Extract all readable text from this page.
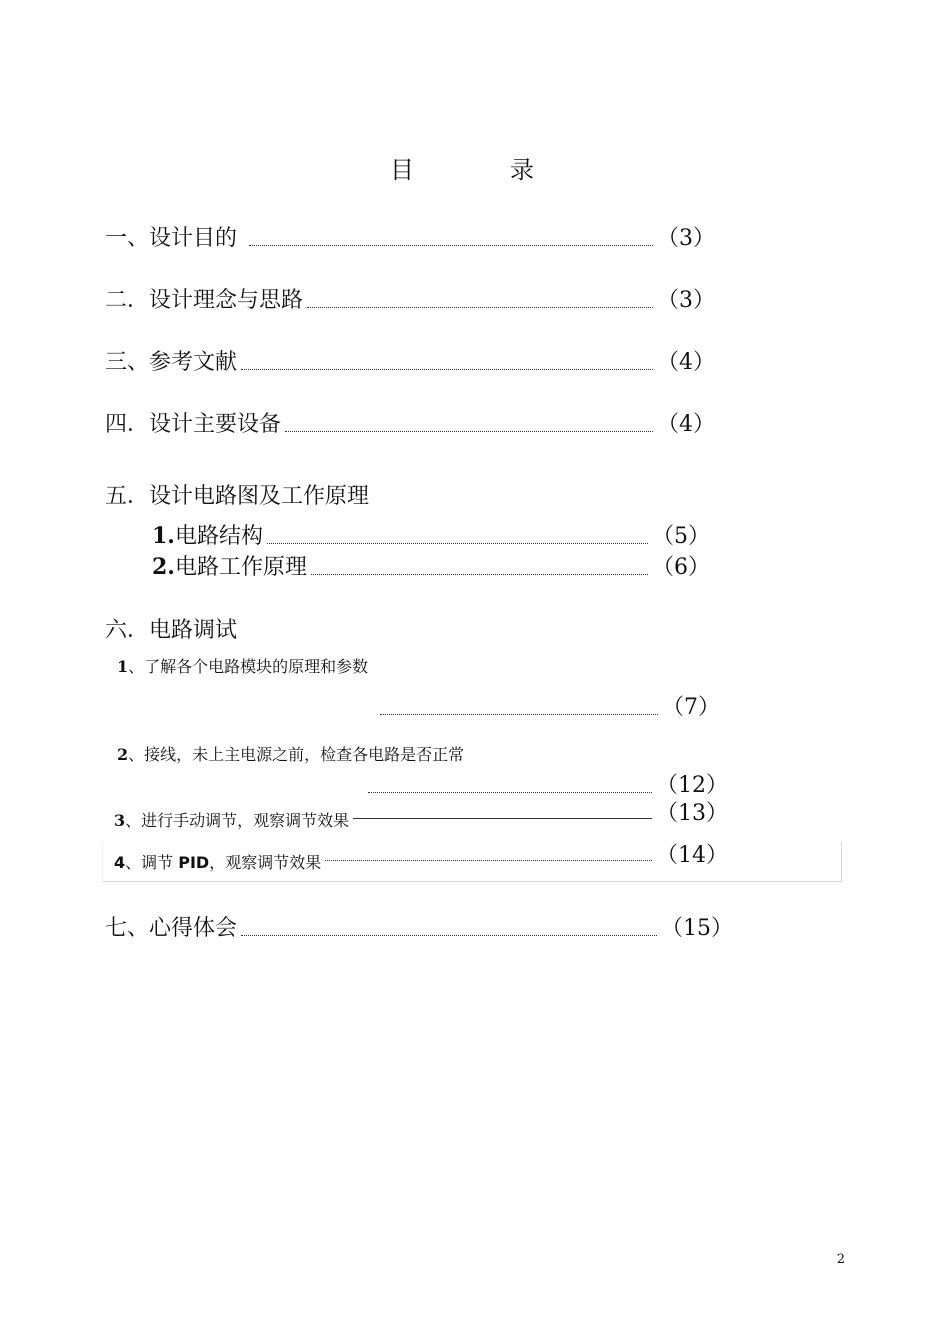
目　录
一、设计目的	（3）
二．设计理念与思路	（3）
三、参考文献	（4）
四．设计主要设备	（4）
五．设计电路图及工作原理
1.电路结构	（5）
2.电路工作原理	（6）
六．电路调试
1、了解各个电路模块的原理和参数
（7）
2、接线，未上主电源之前，检查各电路是否正常
（12）
3、进行手动调节，观察调节效果	（13）
4、调节 PID，观察调节效果	（14）
七、心得体会	（15）
2
